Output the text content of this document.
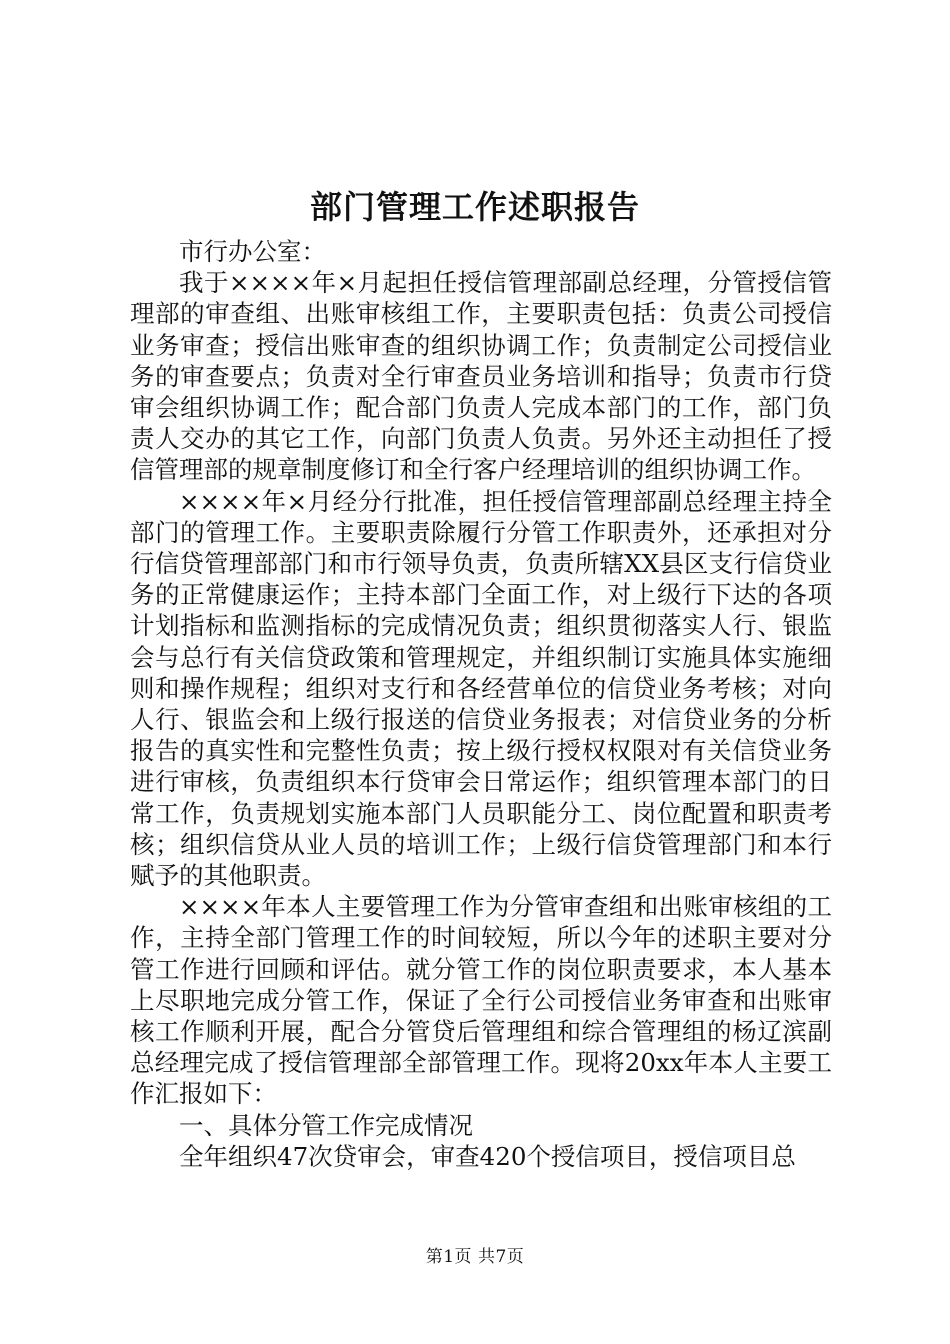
部门管理工作述职报告

市行办公室：

我于××××年×月起担任授信管理部副总经理，分管授信管理部的审查组、出账审核组工作，主要职责包括：负责公司授信业务审查；授信出账审查的组织协调工作；负责制定公司授信业务的审查要点；负责对全行审查员业务培训和指导；负责市行贷审会组织协调工作；配合部门负责人完成本部门的工作，部门负责人交办的其它工作，向部门负责人负责。另外还主动担任了授信管理部的规章制度修订和全行客户经理培训的组织协调工作。

××××年×月经分行批准，担任授信管理部副总经理主持全部门的管理工作。主要职责除履行分管工作职责外，还承担对分行信贷管理部部门和市行领导负责，负责所辖XX县区支行信贷业务的正常健康运作；主持本部门全面工作，对上级行下达的各项计划指标和监测指标的完成情况负责；组织贯彻落实人行、银监会与总行有关信贷政策和管理规定，并组织制订实施具体实施细则和操作规程；组织对支行和各经营单位的信贷业务考核；对向人行、银监会和上级行报送的信贷业务报表；对信贷业务的分析报告的真实性和完整性负责；按上级行授权权限对有关信贷业务进行审核，负责组织本行贷审会日常运作；组织管理本部门的日常工作，负责规划实施本部门人员职能分工、岗位配置和职责考核；组织信贷从业人员的培训工作；上级行信贷管理部门和本行赋予的其他职责。

××××年本人主要管理工作为分管审查组和出账审核组的工作，主持全部门管理工作的时间较短，所以今年的述职主要对分管工作进行回顾和评估。就分管工作的岗位职责要求，本人基本上尽职地完成分管工作，保证了全行公司授信业务审查和出账审核工作顺利开展，配合分管贷后管理组和综合管理组的杨辽滨副总经理完成了授信管理部全部管理工作。现将20xx年本人主要工作汇报如下：

一、具体分管工作完成情况

全年组织47次贷审会，审查420个授信项目，授信项目总

第1页 共7页
